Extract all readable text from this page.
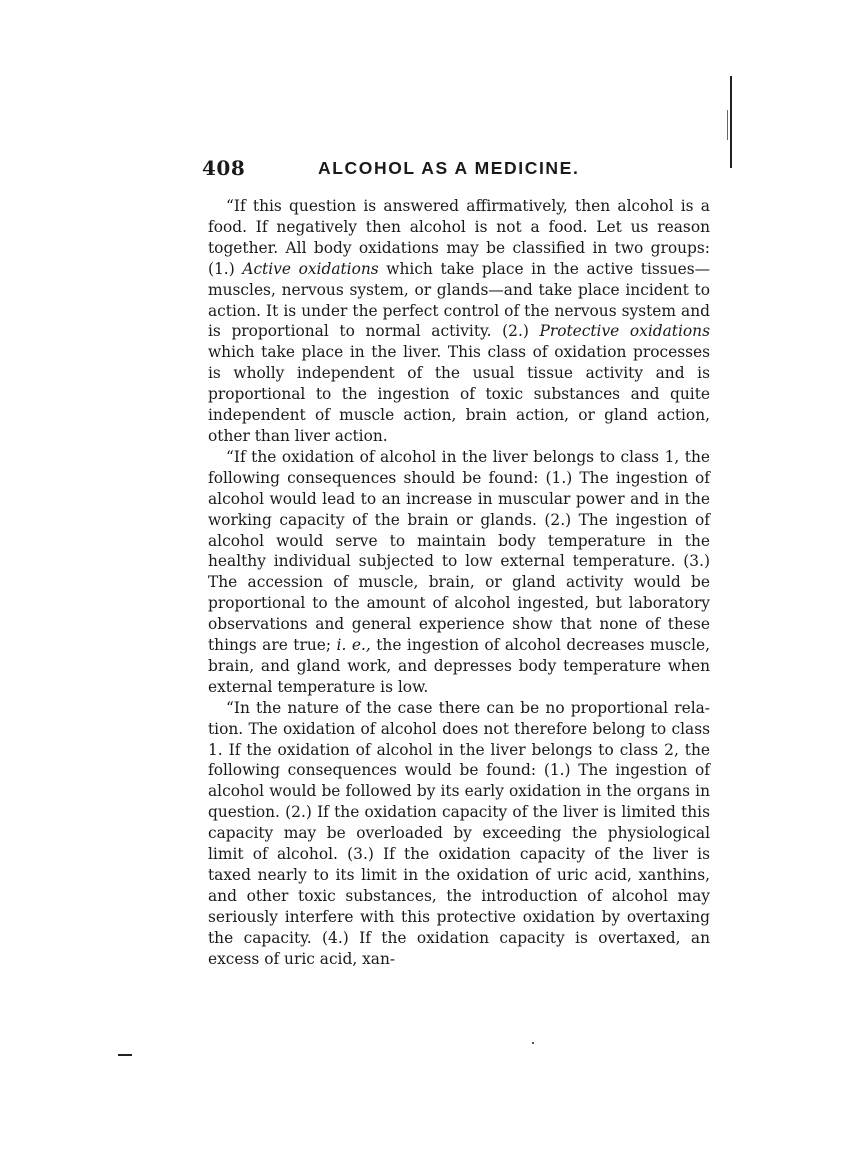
408	ALCOHOL AS A MEDICINE.

“If this question is answered affirmatively, then alcohol is a food. If negatively then alcohol is not a food. Let us reason together. All body oxidations may be classified in two groups: (1.) Active oxidations which take place in the active tissues—muscles, nervous system, or glands—and take place incident to action. It is under the perfect control of the nervous system and is proportional to normal activity. (2.) Protective oxidations which take place in the liver. This class of oxidation processes is wholly independent of the usual tissue activity and is proportional to the ingestion of toxic substances and quite independent of muscle action, brain action, or gland action, other than liver action.

“If the oxidation of alcohol in the liver belongs to class 1, the following consequences should be found: (1.) The ingestion of alcohol would lead to an increase in muscular power and in the working capacity of the brain or glands. (2.) The ingestion of alcohol would serve to maintain body temperature in the healthy individual subjected to low external temperature. (3.) The accession of muscle, brain, or gland activity would be proportional to the amount of alcohol ingested, but laboratory observations and general experience show that none of these things are true; i. e., the ingestion of alcohol decreases muscle, brain, and gland work, and depresses body temperature when external temperature is low.

“In the nature of the case there can be no proportional relation. The oxidation of alcohol does not therefore belong to class 1. If the oxidation of alcohol in the liver belongs to class 2, the following consequences would be found: (1.) The ingestion of alcohol would be followed by its early oxidation in the organs in question. (2.) If the oxidation capacity of the liver is limited this capacity may be overloaded by exceeding the physiological limit of alcohol. (3.) If the oxidation capacity of the liver is taxed nearly to its limit in the oxidation of uric acid, xanthins, and other toxic substances, the introduction of alcohol may seriously interfere with this protective oxidation by overtaxing the capacity. (4.) If the oxidation capacity is overtaxed, an excess of uric acid, xan-
